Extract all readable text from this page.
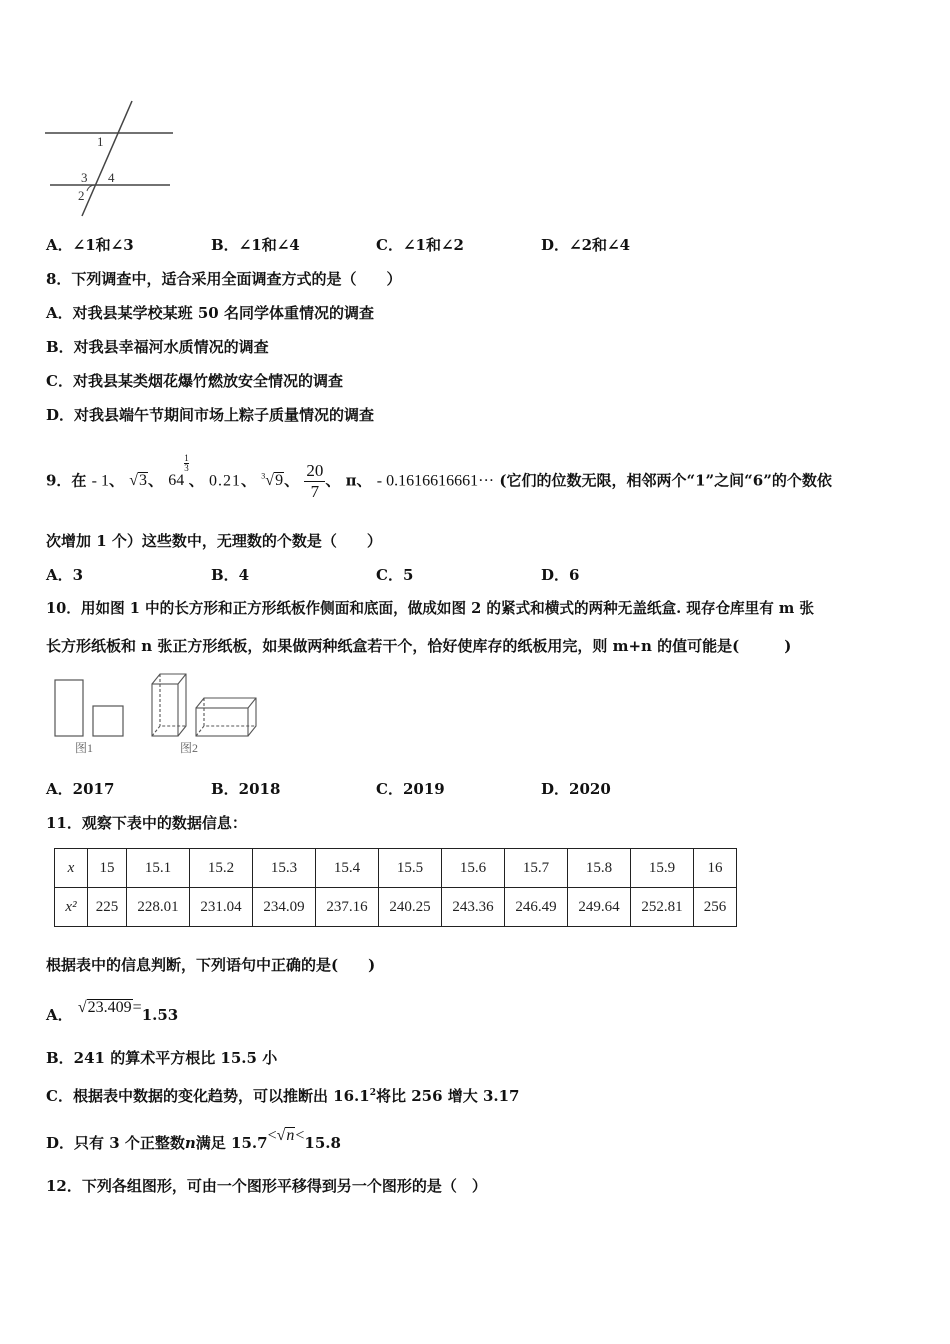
1
3 4
2
A．∠1和∠3	B．∠1和∠4	C．∠1和∠2	D．∠2和∠4
8．下列调查中，适合采用全面调查方式的是（　　）
A．对我县某学校某班 50 名同学体重情况的调查
B．对我县幸福河水质情况的调查
C．对我县某类烟花爆竹燃放安全情况的调查
D．对我县端午节期间市场上粽子质量情况的调查
9．在 - 1、 √3、 64
$\frac{1}{3}$
、 0.21、 $^3$√9、 $\frac{20}{7}$ 、 π、 - 0.1616616661··· (它们的位数无限，相邻两个“1”之间“6”的个数依
次增加 1 个）这些数中，无理数的个数是（　　）
A．3	B．4	C．5	D．6
10．用如图 1 中的长方形和正方形纸板作侧面和底面，做成如图 2 的紧式和横式的两种无盖纸盒. 现存仓库里有 m 张
长方形纸板和 n 张正方形纸板，如果做两种纸盒若干个，恰好使库存的纸板用完，则 m+n 的值可能是(　　　)
图1	图2
A．2017	B．2018	C．2019	D．2020
11．观察下表中的数据信息：
x	15	15.1	15.2	15.3	15.4	15.5	15.6	15.7	15.8	15.9	16
x²	225	228.01	231.04	234.09	237.16	240.25	243.36	246.49	249.64	252.81	256
根据表中的信息判断，下列语句中正确的是(　　)
A． √23.409=1.53
B．241 的算术平方根比 15.5 小
C．根据表中数据的变化趋势，可以推断出 16.1$^2$将比 256 增大 3.17
D．只有 3 个正整数n满足 15.7<√n<15.8
12．下列各组图形，可由一个图形平移得到另一个图形的是（　）
